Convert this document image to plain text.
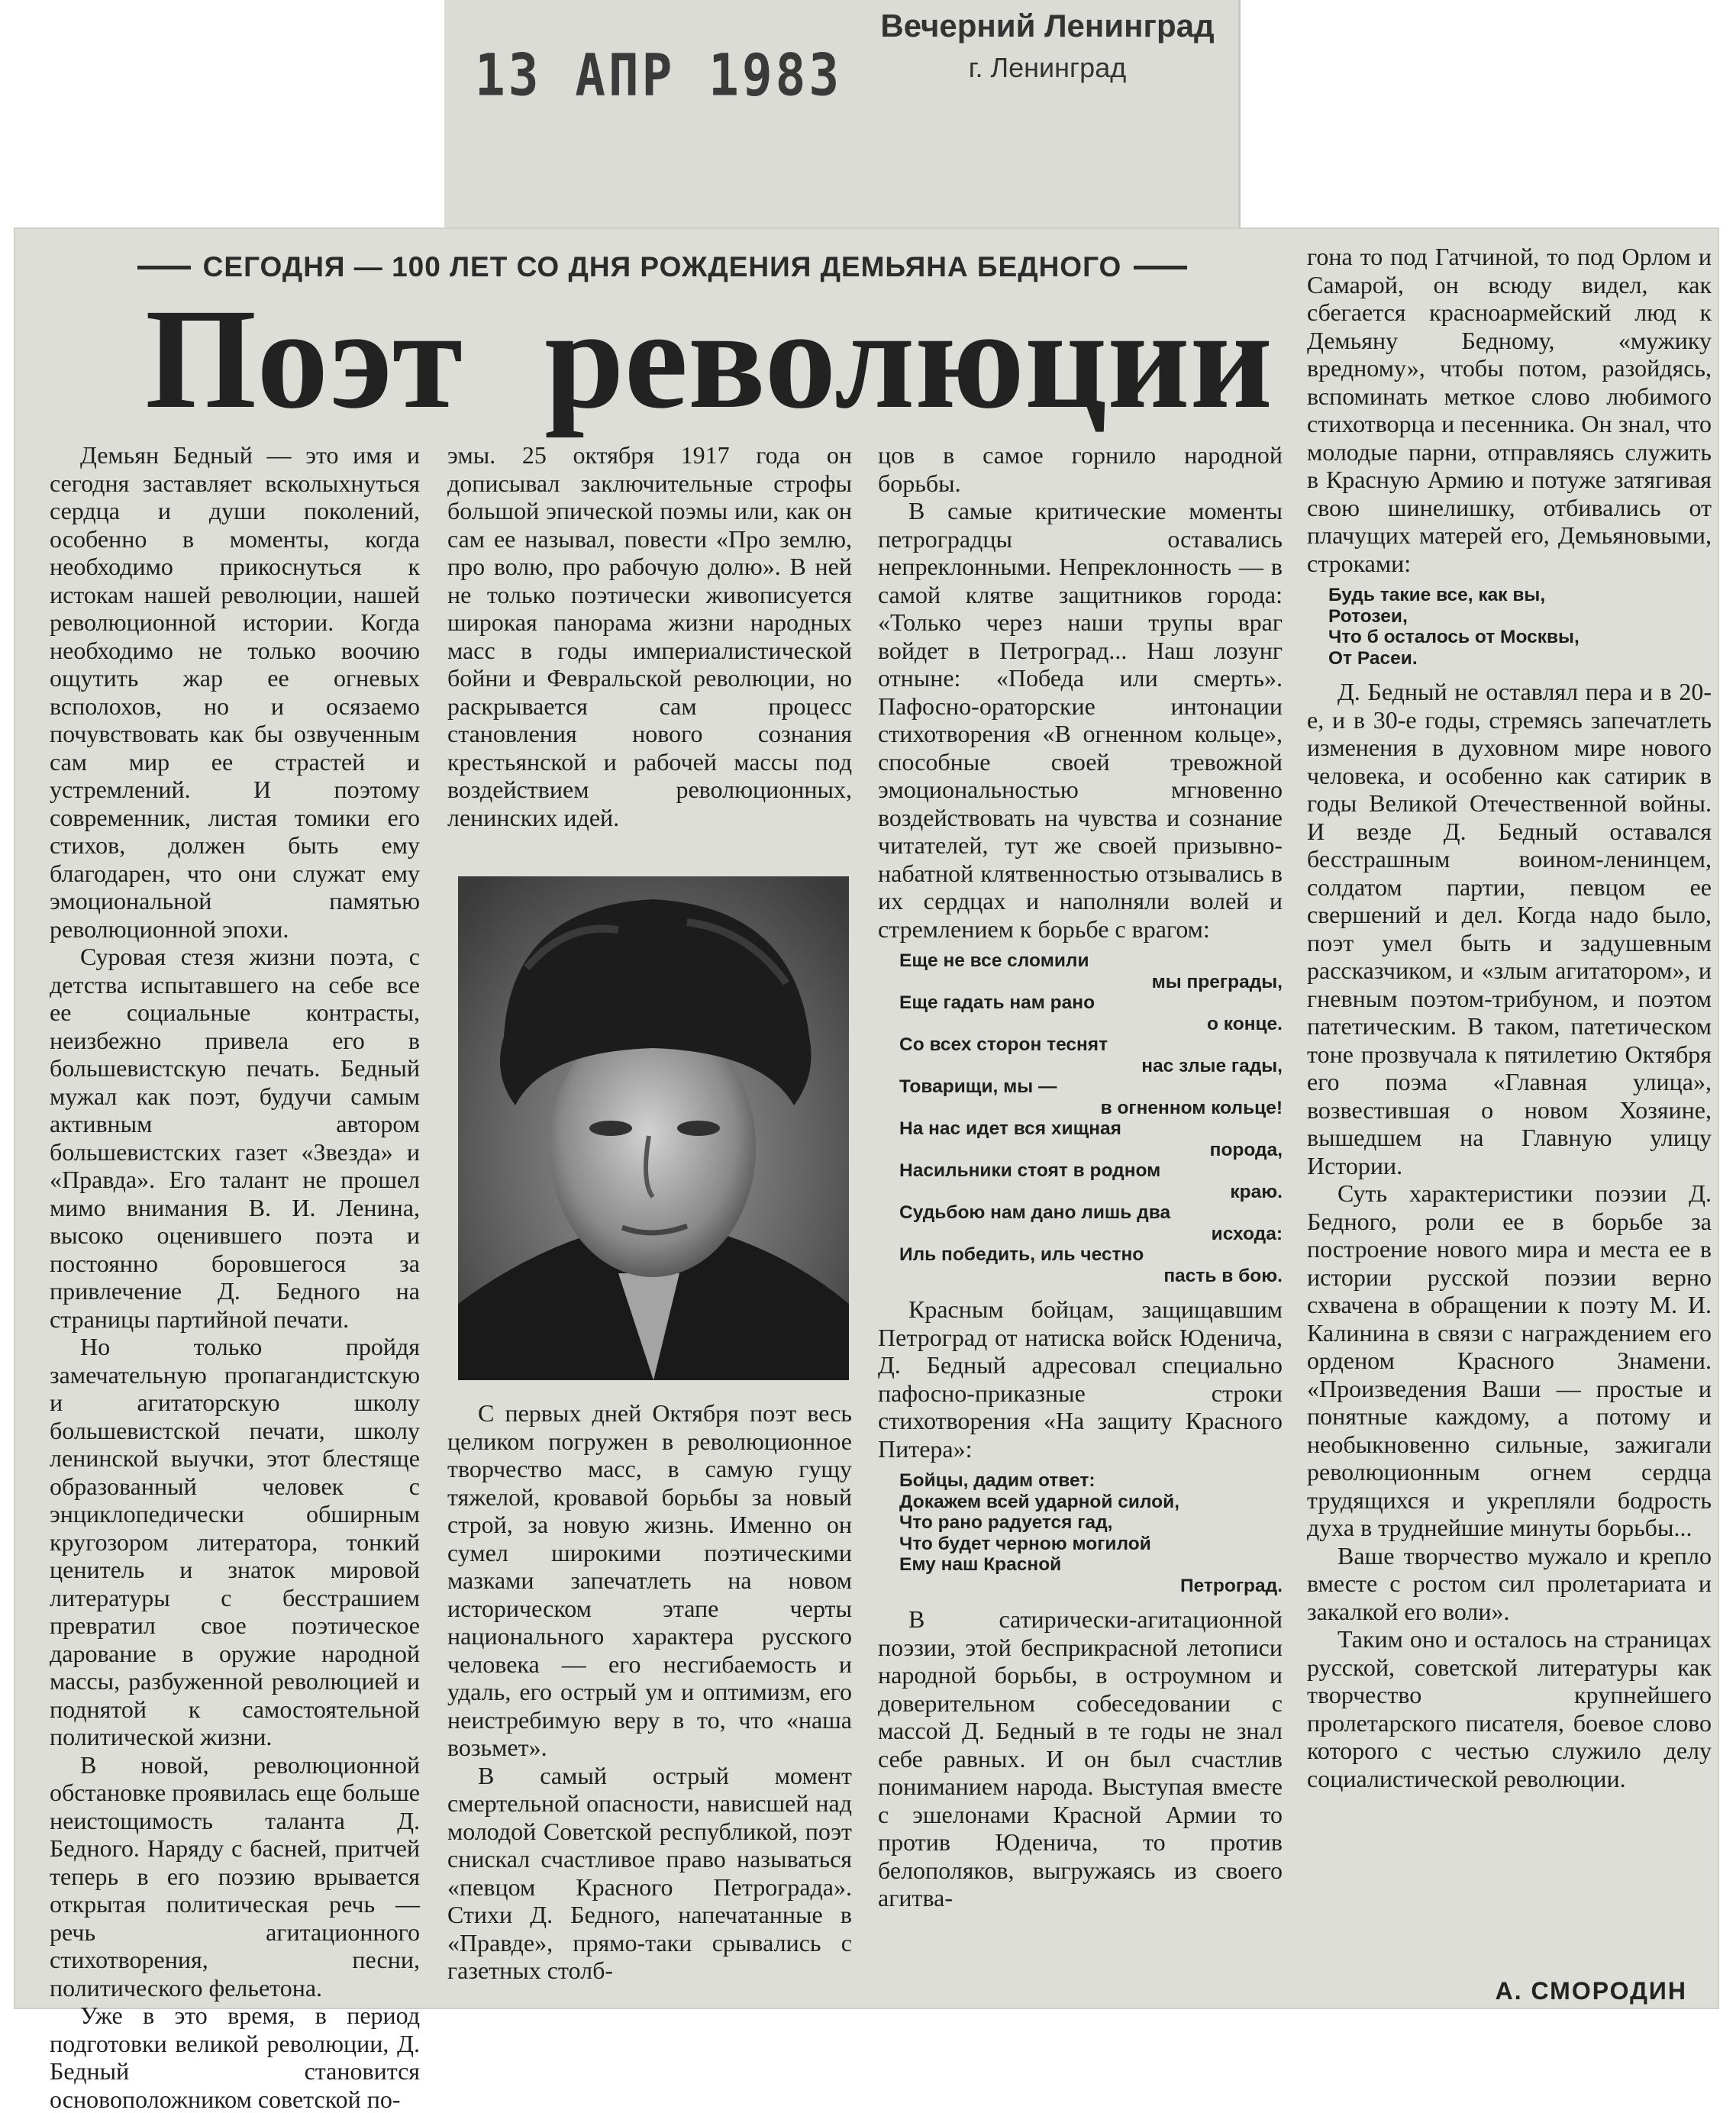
13 АПР 1983
Вечерний Ленинград
г. Ленинград
СЕГОДНЯ — 100 ЛЕТ СО ДНЯ РОЖДЕНИЯ ДЕМЬЯНА БЕДНОГО
Поэт революции

Демьян Бедный — это имя и сегодня заставляет всколыхнуться сердца и души поколений, особенно в моменты, когда необходимо прикоснуться к истокам нашей революции, нашей революционной истории. Когда необходимо не только воочию ощутить жар ее огневых всполохов, но и осязаемо почувствовать как бы озвученным сам мир ее страстей и устремлений. И поэтому современник, листая томики его стихов, должен быть ему благодарен, что они служат ему эмоциональной памятью революционной эпохи.

Суровая стезя жизни поэта, с детства испытавшего на себе все ее социальные контрасты, неизбежно привела его в большевистскую печать. Бедный мужал как поэт, будучи самым активным автором большевистских газет «Звезда» и «Правда». Его талант не прошел мимо внимания В. И. Ленина, высоко оценившего поэта и постоянно боровшегося за привлечение Д. Бедного на страницы партийной печати.

Но только пройдя замечательную пропагандистскую и агитаторскую школу большевистской печати, школу ленинской выучки, этот блестяще образованный человек с энциклопедически обширным кругозором литератора, тонкий ценитель и знаток мировой литературы с бесстрашием превратил свое поэтическое дарование в оружие народной массы, разбуженной революцией и поднятой к самостоятельной политической жизни.

В новой, революционной обстановке проявилась еще больше неистощимость таланта Д. Бедного. Наряду с басней, притчей теперь в его поэзию врывается открытая политическая речь — речь агитационного стихотворения, песни, политического фельетона.

Уже в это время, в период подготовки великой революции, Д. Бедный становится основоположником советской по-

эмы. 25 октября 1917 года он дописывал заключительные строфы большой эпической поэмы или, как он сам ее называл, повести «Про землю, про волю, про рабочую долю». В ней не только поэтически живописуется широкая панорама жизни народных масс в годы империалистической бойни и Февральской революции, но раскрывается сам процесс становления нового сознания крестьянской и рабочей массы под воздействием революционных, ленинских идей.

С первых дней Октября поэт весь целиком погружен в революционное творчество масс, в самую гущу тяжелой, кровавой борьбы за новый строй, за новую жизнь. Именно он сумел широкими поэтическими мазками запечатлеть на новом историческом этапе черты национального характера русского человека — его несгибаемость и удаль, его острый ум и оптимизм, его неистребимую веру в то, что «наша возьмет».

В самый острый момент смертельной опасности, нависшей над молодой Советской республикой, поэт снискал счастливое право называться «певцом Красного Петрограда». Стихи Д. Бедного, напечатанные в «Правде», прямо-таки срывались с газетных столб-

цов в самое горнило народной борьбы.

В самые критические моменты петроградцы оставались непреклонными. Непреклонность — в самой клятве защитников города: «Только через наши трупы враг войдет в Петроград... Наш лозунг отныне: «Победа или смерть». Пафосно-ораторские интонации стихотворения «В огненном кольце», способные своей тревожной эмоциональностью мгновенно воздействовать на чувства и сознание читателей, тут же своей призывно-набатной клятвенностью отзывались в их сердцах и наполняли волей и стремлением к борьбе с врагом:

Еще не все сломили
мы преграды,
Еще гадать нам рано
о конце.
Со всех сторон теснят
нас злые гады,
Товарищи, мы —
в огненном кольце!
На нас идет вся хищная
порода,
Насильники стоят в родном
краю.
Судьбою нам дано лишь два
исхода:
Иль победить, иль честно
пасть в бою.

Красным бойцам, защищавшим Петроград от натиска войск Юденича, Д. Бедный адресовал специально пафосно-приказные строки стихотворения «На защиту Красного Питера»:

Бойцы, дадим ответ:
Докажем всей ударной силой,
Что рано радуется гад,
Что будет черною могилой
Ему наш Красной
Петроград.

В сатирически-агитационной поэзии, этой бесприкрасной летописи народной борьбы, в остроумном и доверительном собеседовании с массой Д. Бедный в те годы не знал себе равных. И он был счастлив пониманием народа. Выступая вместе с эшелонами Красной Армии то против Юденича, то против белополяков, выгружаясь из своего агитва-

гона то под Гатчиной, то под Орлом и Самарой, он всюду видел, как сбегается красноармейский люд к Демьяну Бедному, «мужику вредному», чтобы потом, разойдясь, вспоминать меткое слово любимого стихотворца и песенника. Он знал, что молодые парни, отправляясь служить в Красную Армию и потуже затягивая свою шинелишку, отбивались от плачущих матерей его, Демьяновыми, строками:

Будь такие все, как вы,
Ротозеи,
Что б осталось от Москвы,
От Расеи.

Д. Бедный не оставлял пера и в 20-е, и в 30-е годы, стремясь запечатлеть изменения в духовном мире нового человека, и особенно как сатирик в годы Великой Отечественной войны. И везде Д. Бедный оставался бесстрашным воином-ленинцем, солдатом партии, певцом ее свершений и дел. Когда надо было, поэт умел быть и задушевным рассказчиком, и «злым агитатором», и гневным поэтом-трибуном, и поэтом патетическим. В таком, патетическом тоне прозвучала к пятилетию Октября его поэма «Главная улица», возвестившая о новом Хозяине, вышедшем на Главную улицу Истории.

Суть характеристики поэзии Д. Бедного, роли ее в борьбе за построение нового мира и места ее в истории русской поэзии верно схвачена в обращении к поэту М. И. Калинина в связи с награждением его орденом Красного Знамени. «Произведения Ваши — простые и понятные каждому, а потому и необыкновенно сильные, зажигали революционным огнем сердца трудящихся и укрепляли бодрость духа в труднейшие минуты борьбы...

Ваше творчество мужало и крепло вместе с ростом сил пролетариата и закалкой его воли».

Таким оно и осталось на страницах русской, советской литературы как творчество крупнейшего пролетарского писателя, боевое слово которого с честью служило делу социалистической революции.

А. СМОРОДИН
